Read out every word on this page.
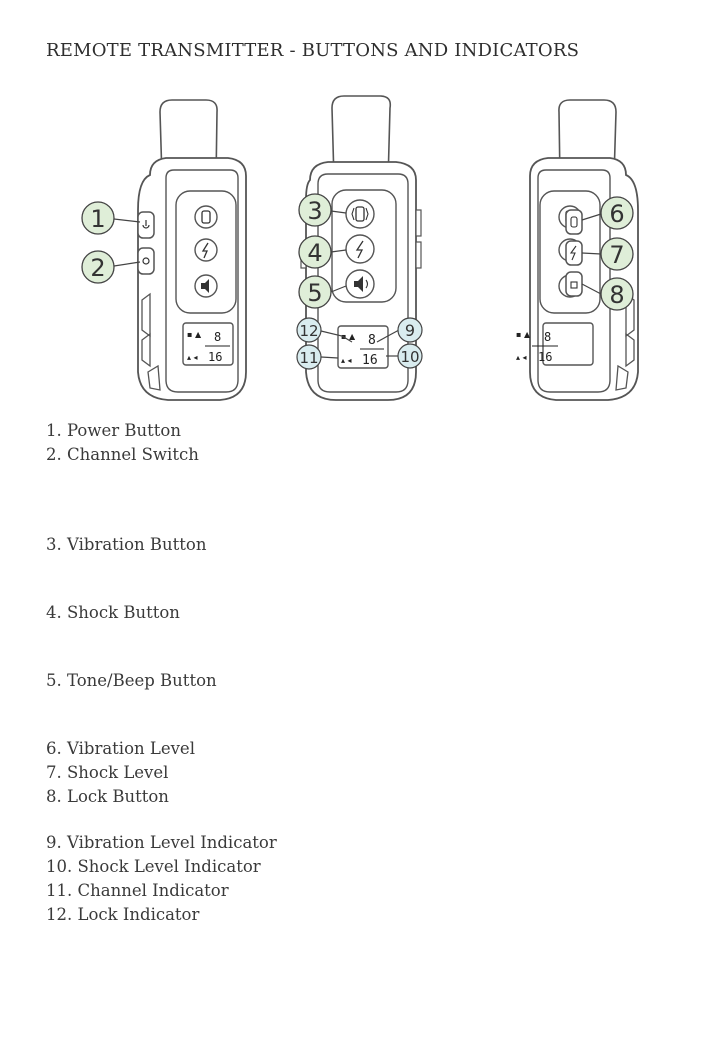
REMOTE TRANSMITTER - BUTTONS AND INDICATORS
▪ ▲ 8
▴ ◂ 16
▪ ▲ 8
▴ ◂ 16
8
16
▪ ▲
▴ ◂
1
2
3
4
5
6
7
8
9
10
11
12
1. Power Button
2. Channel Switch
3. Vibration Button
4. Shock Button
5. Tone/Beep Button
6. Vibration Level
7. Shock Level
8. Lock Button
9. Vibration Level Indicator
10. Shock Level Indicator
11. Channel Indicator
12. Lock Indicator
